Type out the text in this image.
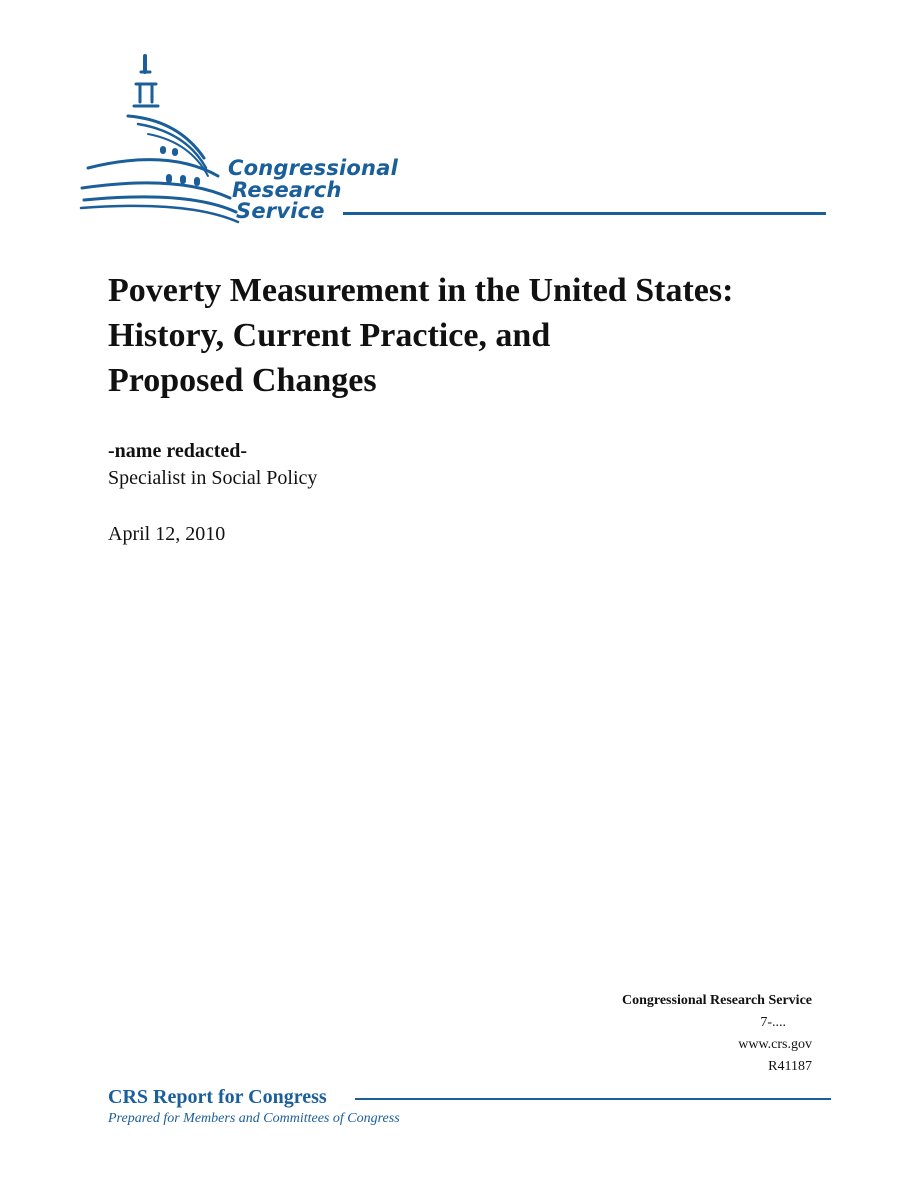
Congressional
Research
Service
Poverty Measurement in the United States:
History, Current Practice, and
Proposed Changes
-name redacted-
Specialist in Social Policy
April 12, 2010
Congressional Research Service
7-....
www.crs.gov
R41187
CRS Report for Congress
Prepared for Members and Committees of Congress
